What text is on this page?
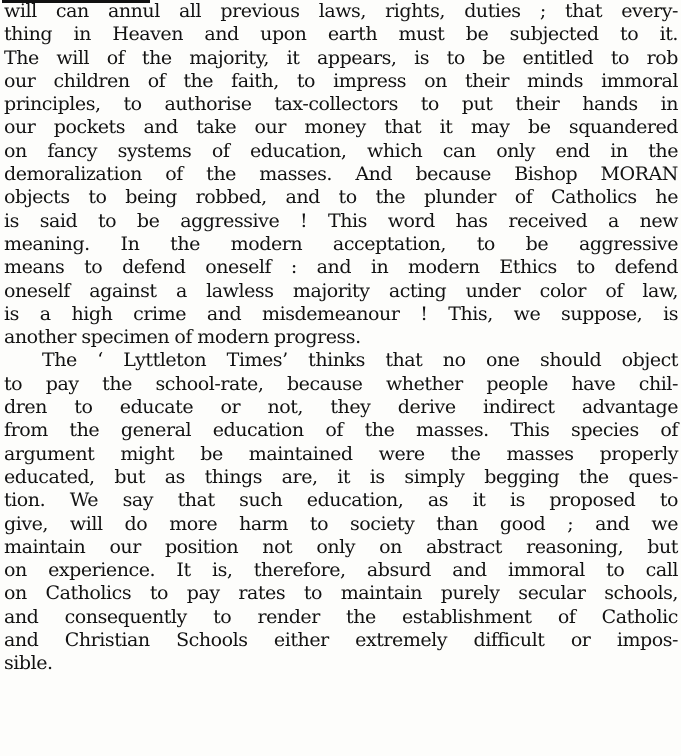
will can annul all previous laws, rights, duties ; that every-
thing in Heaven and upon earth must be subjected to it.
The will of the majority, it appears, is to be entitled to rob
our children of the faith, to impress on their minds immoral
principles, to authorise tax-collectors to put their hands in
our pockets and take our money that it may be squandered
on fancy systems of education, which can only end in the
demoralization of the masses. And because Bishop MORAN
objects to being robbed, and to the plunder of Catholics he
is said to be aggressive ! This word has received a new
meaning. In the modern acceptation, to be aggressive
means to defend oneself : and in modern Ethics to defend
oneself against a lawless majority acting under color of law,
is a high crime and misdemeanour ! This, we suppose, is
another specimen of modern progress.
The ‘ Lyttleton Times’ thinks that no one should object
to pay the school-rate, because whether people have chil-
dren to educate or not, they derive indirect advantage
from the general education of the masses. This species of
argument might be maintained were the masses properly
educated, but as things are, it is simply begging the ques-
tion. We say that such education, as it is proposed to
give, will do more harm to society than good ; and we
maintain our position not only on abstract reasoning, but
on experience. It is, therefore, absurd and immoral to call
on Catholics to pay rates to maintain purely secular schools,
and consequently to render the establishment of Catholic
and Christian Schools either extremely difficult or impos-
sible.
